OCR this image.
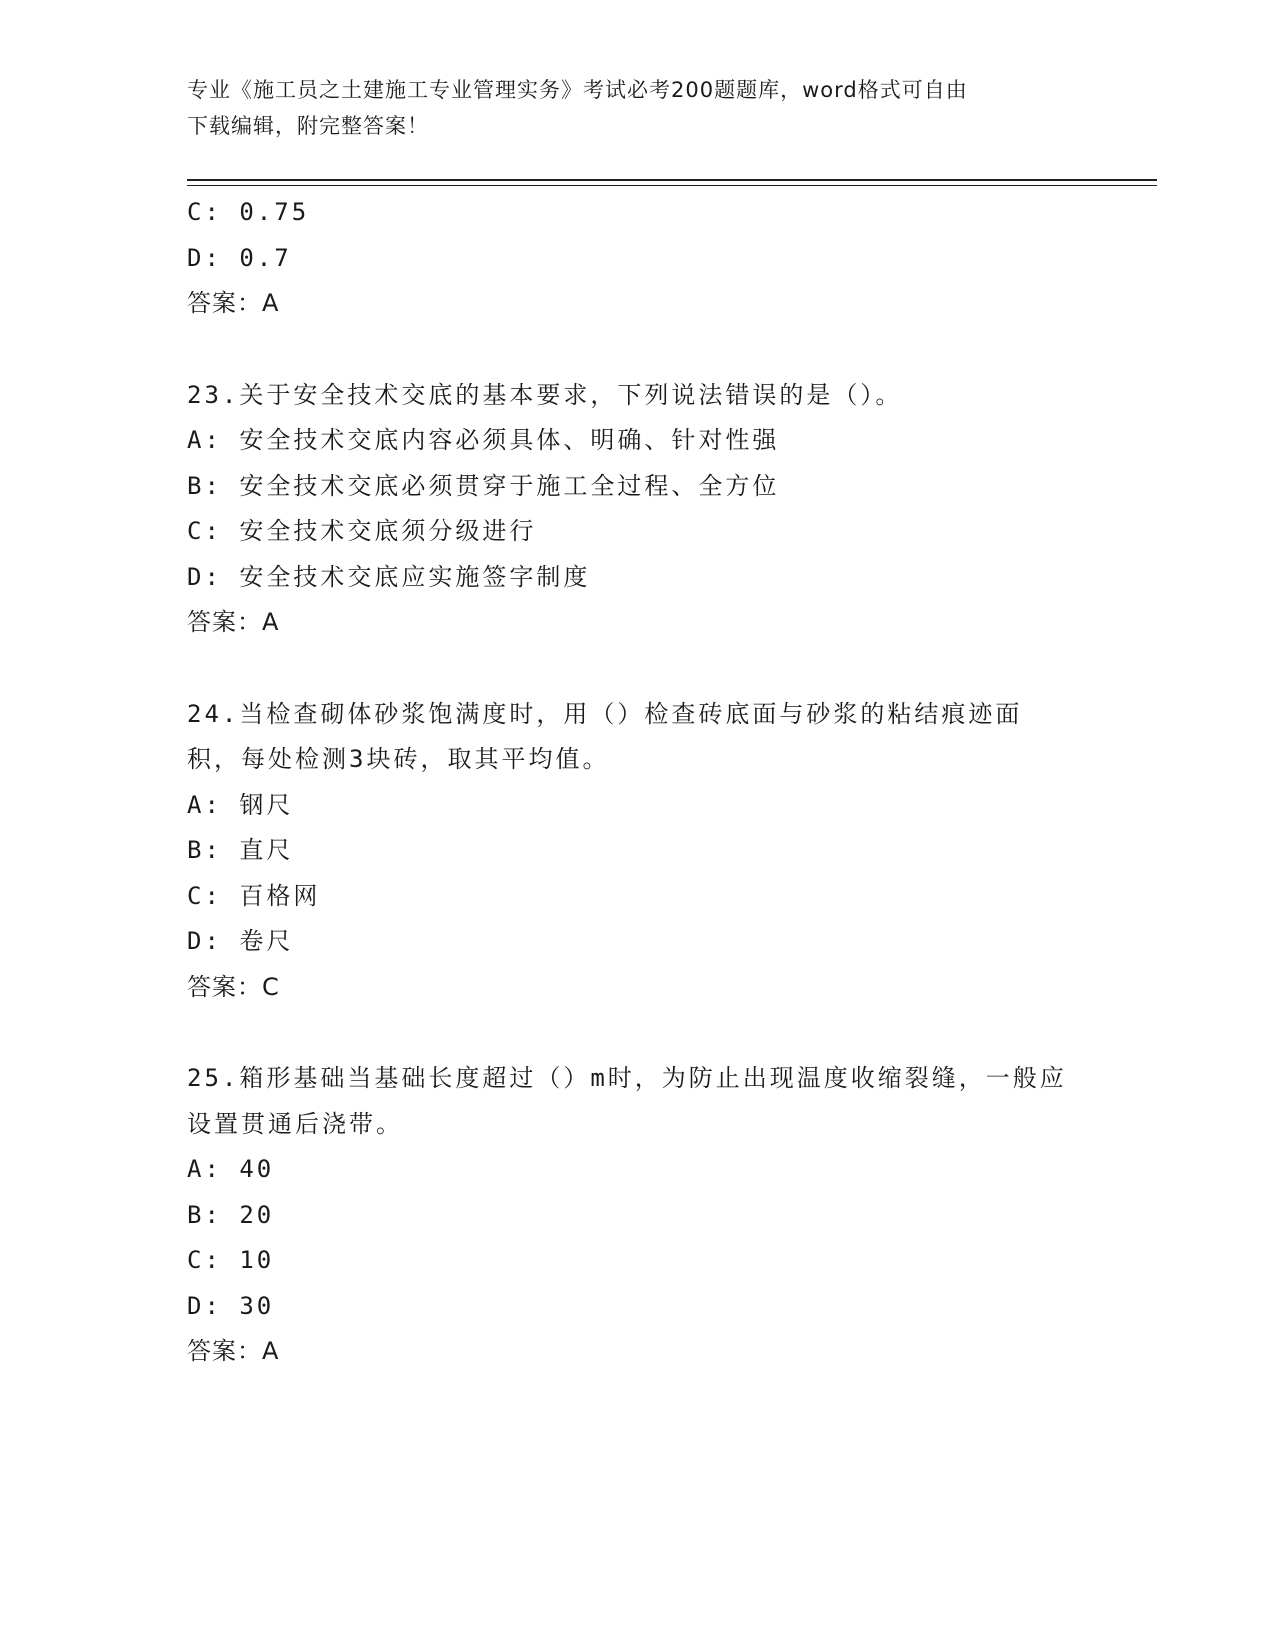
专业《施工员之土建施工专业管理实务》考试必考200题题库，word格式可自由
下载编辑，附完整答案！
C: 0.75
D: 0.7
答案：A
23.关于安全技术交底的基本要求，下列说法错误的是（）。
A: 安全技术交底内容必须具体、明确、针对性强
B: 安全技术交底必须贯穿于施工全过程、全方位
C: 安全技术交底须分级进行
D: 安全技术交底应实施签字制度
答案：A
24.当检查砌体砂浆饱满度时，用（）检查砖底面与砂浆的粘结痕迹面积，每处检测3块砖，取其平均值。
A: 钢尺
B: 直尺
C: 百格网
D: 卷尺
答案：C
25.箱形基础当基础长度超过（）m时，为防止出现温度收缩裂缝，一般应设置贯通后浇带。
A: 40
B: 20
C: 10
D: 30
答案：A
